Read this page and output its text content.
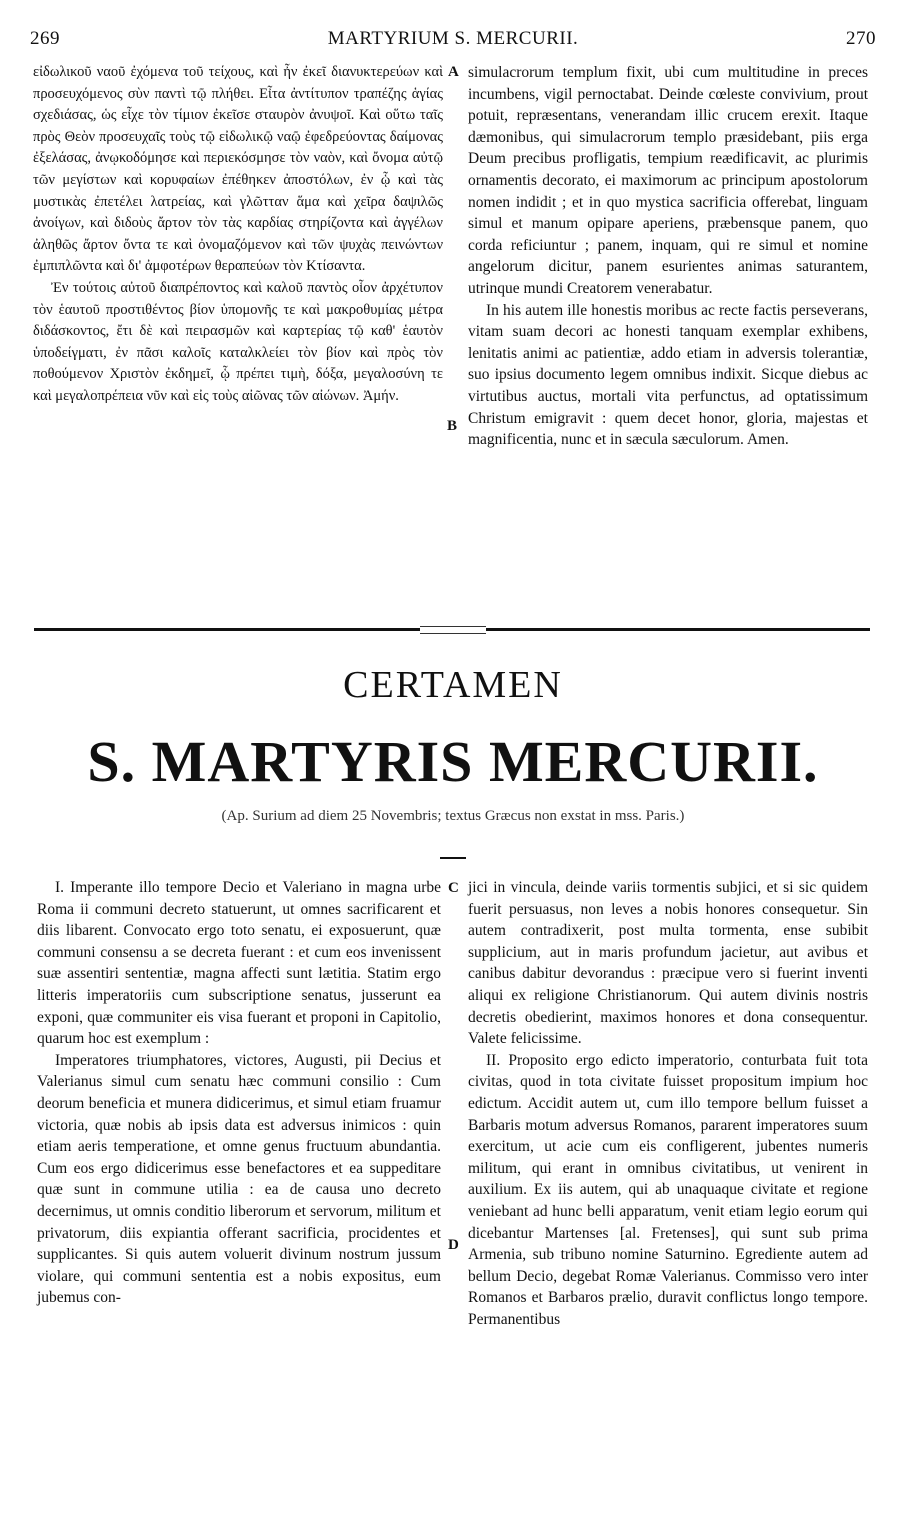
269	MARTYRIUM S. MERCURII.	270

εἰδωλικοῦ ναοῦ ἐχόμενα τοῦ τείχους, καὶ ἦν ἐκεῖ διανυκτερεύων καὶ προσευχόμενος σὺν παντὶ τῷ πλήθει. Εἶτα ἀντίτυπον τραπέζης ἁγίας σχεδιάσας, ὡς εἶχε τὸν τίμιον ἐκεῖσε σταυρὸν ἀνυψοῖ. Καὶ οὕτω ταῖς πρὸς Θεὸν προσευχαῖς τοὺς τῷ εἰδωλικῷ ναῷ ἐφεδρεύοντας δαίμονας ἐξελάσας, ἀνῳκοδόμησε καὶ περιεκόσμησε τὸν ναὸν, καὶ ὄνομα αὐτῷ τῶν μεγίστων καὶ κορυφαίων ἐπέθηκεν ἀποστόλων, ἐν ᾧ καὶ τὰς μυστικὰς ἐπετέλει λατρείας, καὶ γλῶτταν ἅμα καὶ χεῖρα δαψιλῶς ἀνοίγων, καὶ διδοὺς ἄρτον τὸν τὰς καρδίας στηρίζοντα καὶ ἀγγέλων ἀληθῶς ἄρτον ὄντα τε καὶ ὀνομαζόμενον καὶ τῶν ψυχὰς πεινώντων ἐμπιπλῶντα καὶ δι' ἀμφοτέρων θεραπεύων τὸν Κτίσαντα.

Ἐν τούτοις αὐτοῦ διαπρέποντος καὶ καλοῦ παντὸς οἷον ἀρχέτυπον τὸν ἑαυτοῦ προστιθέντος βίον ὑπομονῆς τε καὶ μακροθυμίας μέτρα διδάσκοντος, ἔτι δὲ καὶ πειρασμῶν καὶ καρτερίας τῷ καθ' ἑαυτὸν ὑποδείγματι, ἐν πᾶσι καλοῖς καταλκλείει τὸν βίον καὶ πρὸς τὸν ποθούμενον Χριστὸν ἐκδημεῖ, ᾧ πρέπει τιμὴ, δόξα, μεγαλοσύνη τε καὶ μεγαλοπρέπεια νῦν καὶ εἰς τοὺς αἰῶνας τῶν αἰώνων. Ἀμήν.

A
B

simulacrorum templum fixit, ubi cum multitudine in preces incumbens, vigil pernoctabat. Deinde cœleste convivium, prout potuit, repræsentans, venerandam illic crucem erexit. Itaque dæmonibus, qui simulacrorum templo præsidebant, piis erga Deum precibus profligatis, tempium reædificavit, ac plurimis ornamentis decorato, ei maximorum ac principum apostolorum nomen indidit ; et in quo mystica sacrificia offerebat, linguam simul et manum opipare aperiens, præbensque panem, quo corda reficiuntur ; panem, inquam, qui re simul et nomine angelorum dicitur, panem esurientes animas saturantem, utrinque mundi Creatorem venerabatur.

In his autem ille honestis moribus ac recte factis perseverans, vitam suam decori ac honesti tanquam exemplar exhibens, lenitatis animi ac patientiæ, addo etiam in adversis tolerantiæ, suo ipsius documento legem omnibus indixit. Sicque diebus ac virtutibus auctus, mortali vita perfunctus, ad optatissimum Christum emigravit : quem decet honor, gloria, majestas et magnificentia, nunc et in sæcula sæculorum. Amen.

CERTAMEN
S. MARTYRIS MERCURII.
(Ap. Surium ad diem 25 Novembris; textus Græcus non exstat in mss. Paris.)

I. Imperante illo tempore Decio et Valeriano in magna urbe Roma ii communi decreto statuerunt, ut omnes sacrificarent et diis libarent. Convocato ergo toto senatu, ei exposuerunt, quæ communi consensu a se decreta fuerant : et cum eos invenissent suæ assentiri sententiæ, magna affecti sunt lætitia. Statim ergo litteris imperatoriis cum subscriptione senatus, jusserunt ea exponi, quæ communiter eis visa fuerant et proponi in Capitolio, quarum hoc est exemplum :

Imperatores triumphatores, victores, Augusti, pii Decius et Valerianus simul cum senatu hæc communi consilio : Cum deorum beneficia et munera didicerimus, et simul etiam fruamur victoria, quæ nobis ab ipsis data est adversus inimicos : quin etiam aeris temperatione, et omne genus fructuum abundantia. Cum eos ergo didicerimus esse benefactores et ea suppeditare quæ sunt in commune utilia : ea de causa uno decreto decernimus, ut omnis conditio liberorum et servorum, militum et privatorum, diis expiantia offerant sacrificia, procidentes et supplicantes. Si quis autem voluerit divinum nostrum jussum violare, qui communi sententia est a nobis expositus, eum jubemus con-

C
D

jici in vincula, deinde variis tormentis subjici, et si sic quidem fuerit persuasus, non leves a nobis honores consequetur. Sin autem contradixerit, post multa tormenta, ense subibit supplicium, aut in maris profundum jacietur, aut avibus et canibus dabitur devorandus : præcipue vero si fuerint inventi aliqui ex religione Christianorum. Qui autem divinis nostris decretis obedierint, maximos honores et dona consequentur. Valete felicissime.

II. Proposito ergo edicto imperatorio, conturbata fuit tota civitas, quod in tota civitate fuisset propositum impium hoc edictum. Accidit autem ut, cum illo tempore bellum fuisset a Barbaris motum adversus Romanos, pararent imperatores suum exercitum, ut acie cum eis confligerent, jubentes numeris militum, qui erant in omnibus civitatibus, ut venirent in auxilium. Ex iis autem, qui ab unaquaque civitate et regione veniebant ad hunc belli apparatum, venit etiam legio eorum qui dicebantur Martenses [al. Fretenses], qui sunt sub prima Armenia, sub tribuno nomine Saturnino. Egrediente autem ad bellum Decio, degebat Romæ Valerianus. Commisso vero inter Romanos et Barbaros prælio, duravit conflictus longo tempore. Permanentibus
